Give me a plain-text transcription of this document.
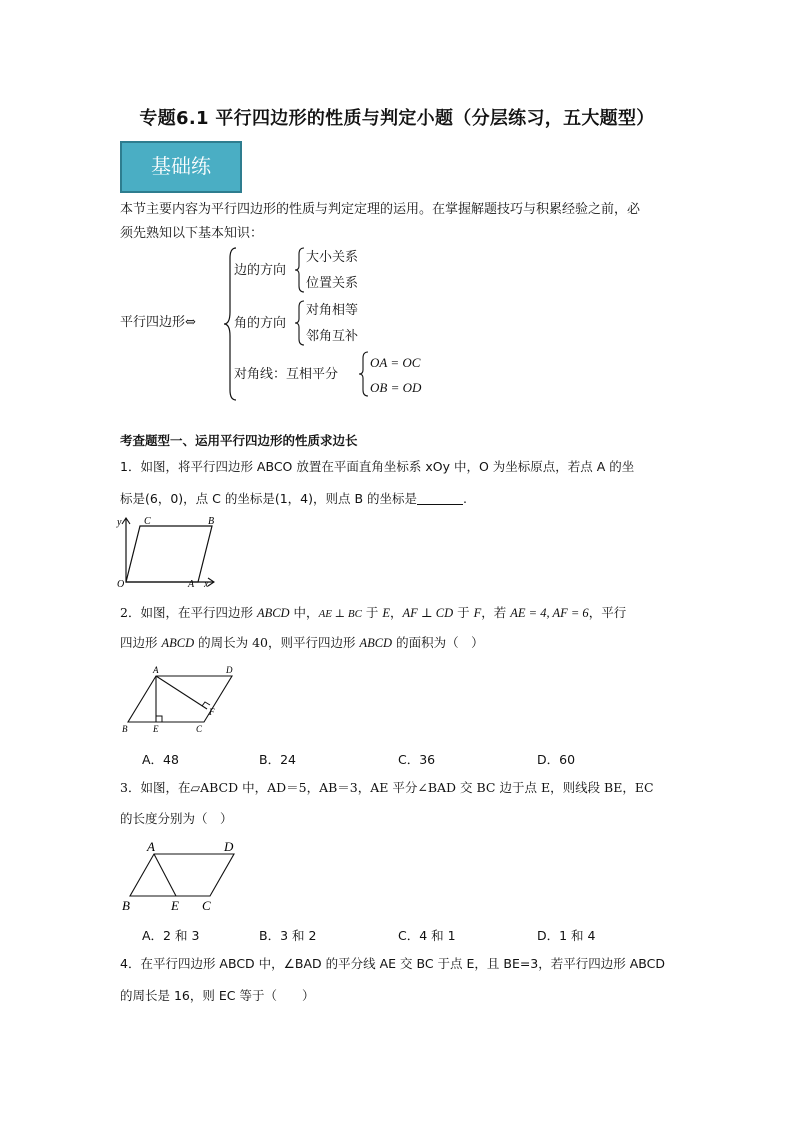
专题6.1 平行四边形的性质与判定小题（分层练习，五大题型）
基础练
本节主要内容为平行四边形的性质与判定定理的运用。在掌握解题技巧与积累经验之前，必
须先熟知以下基本知识：
平行四边形⇔
边的方向
大小关系
位置关系
角的方向
对角相等
邻角互补
对角线：互相平分
OA = OC
OB = OD
考查题型一、运用平行四边形的性质求边长
1．如图，将平行四边形 ABCO 放置在平面直角坐标系 xOy 中，O 为坐标原点，若点 A 的坐
标是(6，0)，点 C 的坐标是(1，4)，则点 B 的坐标是	.
y
x
O	A
B
C
2．如图，在平行四边形 ABCD 中，AE ⊥ BC 于 E，AF ⊥ CD 于 F，若 AE = 4, AF = 6，平行
四边形 ABCD 的周长为 40，则平行四边形 ABCD 的面积为（　）
A
B	C
D
E
F
A．48	B．24	C．36	D．60
3．如图，在▱ABCD 中，AD＝5，AB＝3，AE 平分∠BAD 交 BC 边于点 E，则线段 BE，EC
的长度分别为（　）
A
B	C
D
E
A．2 和 3	B．3 和 2	C．4 和 1	D．1 和 4
4．在平行四边形 ABCD 中，∠BAD 的平分线 AE 交 BC 于点 E，且 BE=3，若平行四边形 ABCD
的周长是 16，则 EC 等于（　　）
